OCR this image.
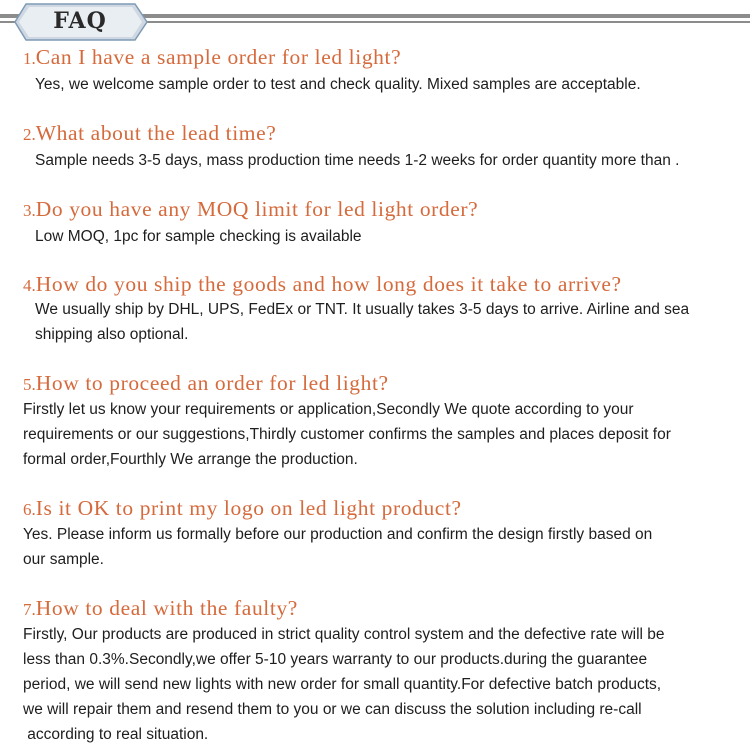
FAQ
1.Can I have a sample order for led light?
Yes, we welcome sample order to test and check quality. Mixed samples are acceptable.
2.What about the lead time?
Sample needs 3-5 days, mass production time needs 1-2 weeks for order quantity more than .
3.Do you have any MOQ limit for led light order?
Low MOQ, 1pc for sample checking is available
4.How do you ship the goods and how long does it take to arrive?
We usually ship by DHL, UPS, FedEx or TNT. It usually takes 3-5 days to arrive. Airline and sea
shipping also optional.
5.How to proceed an order for led light?
Firstly let us know your requirements or application,Secondly We quote according to your
requirements or our suggestions,Thirdly customer confirms the samples and places deposit for
formal order,Fourthly We arrange the production.
6.Is it OK to print my logo on led light product?
Yes. Please inform us formally before our production and confirm the design firstly based on
our sample.
7.How to deal with the faulty?
Firstly, Our products are produced in strict quality control system and the defective rate will be
less than 0.3%.Secondly,we offer 5-10 years warranty to our products.during the guarantee
period, we will send new lights with new order for small quantity.For defective batch products,
we will repair them and resend them to you or we can discuss the solution including re-call
according to real situation.
